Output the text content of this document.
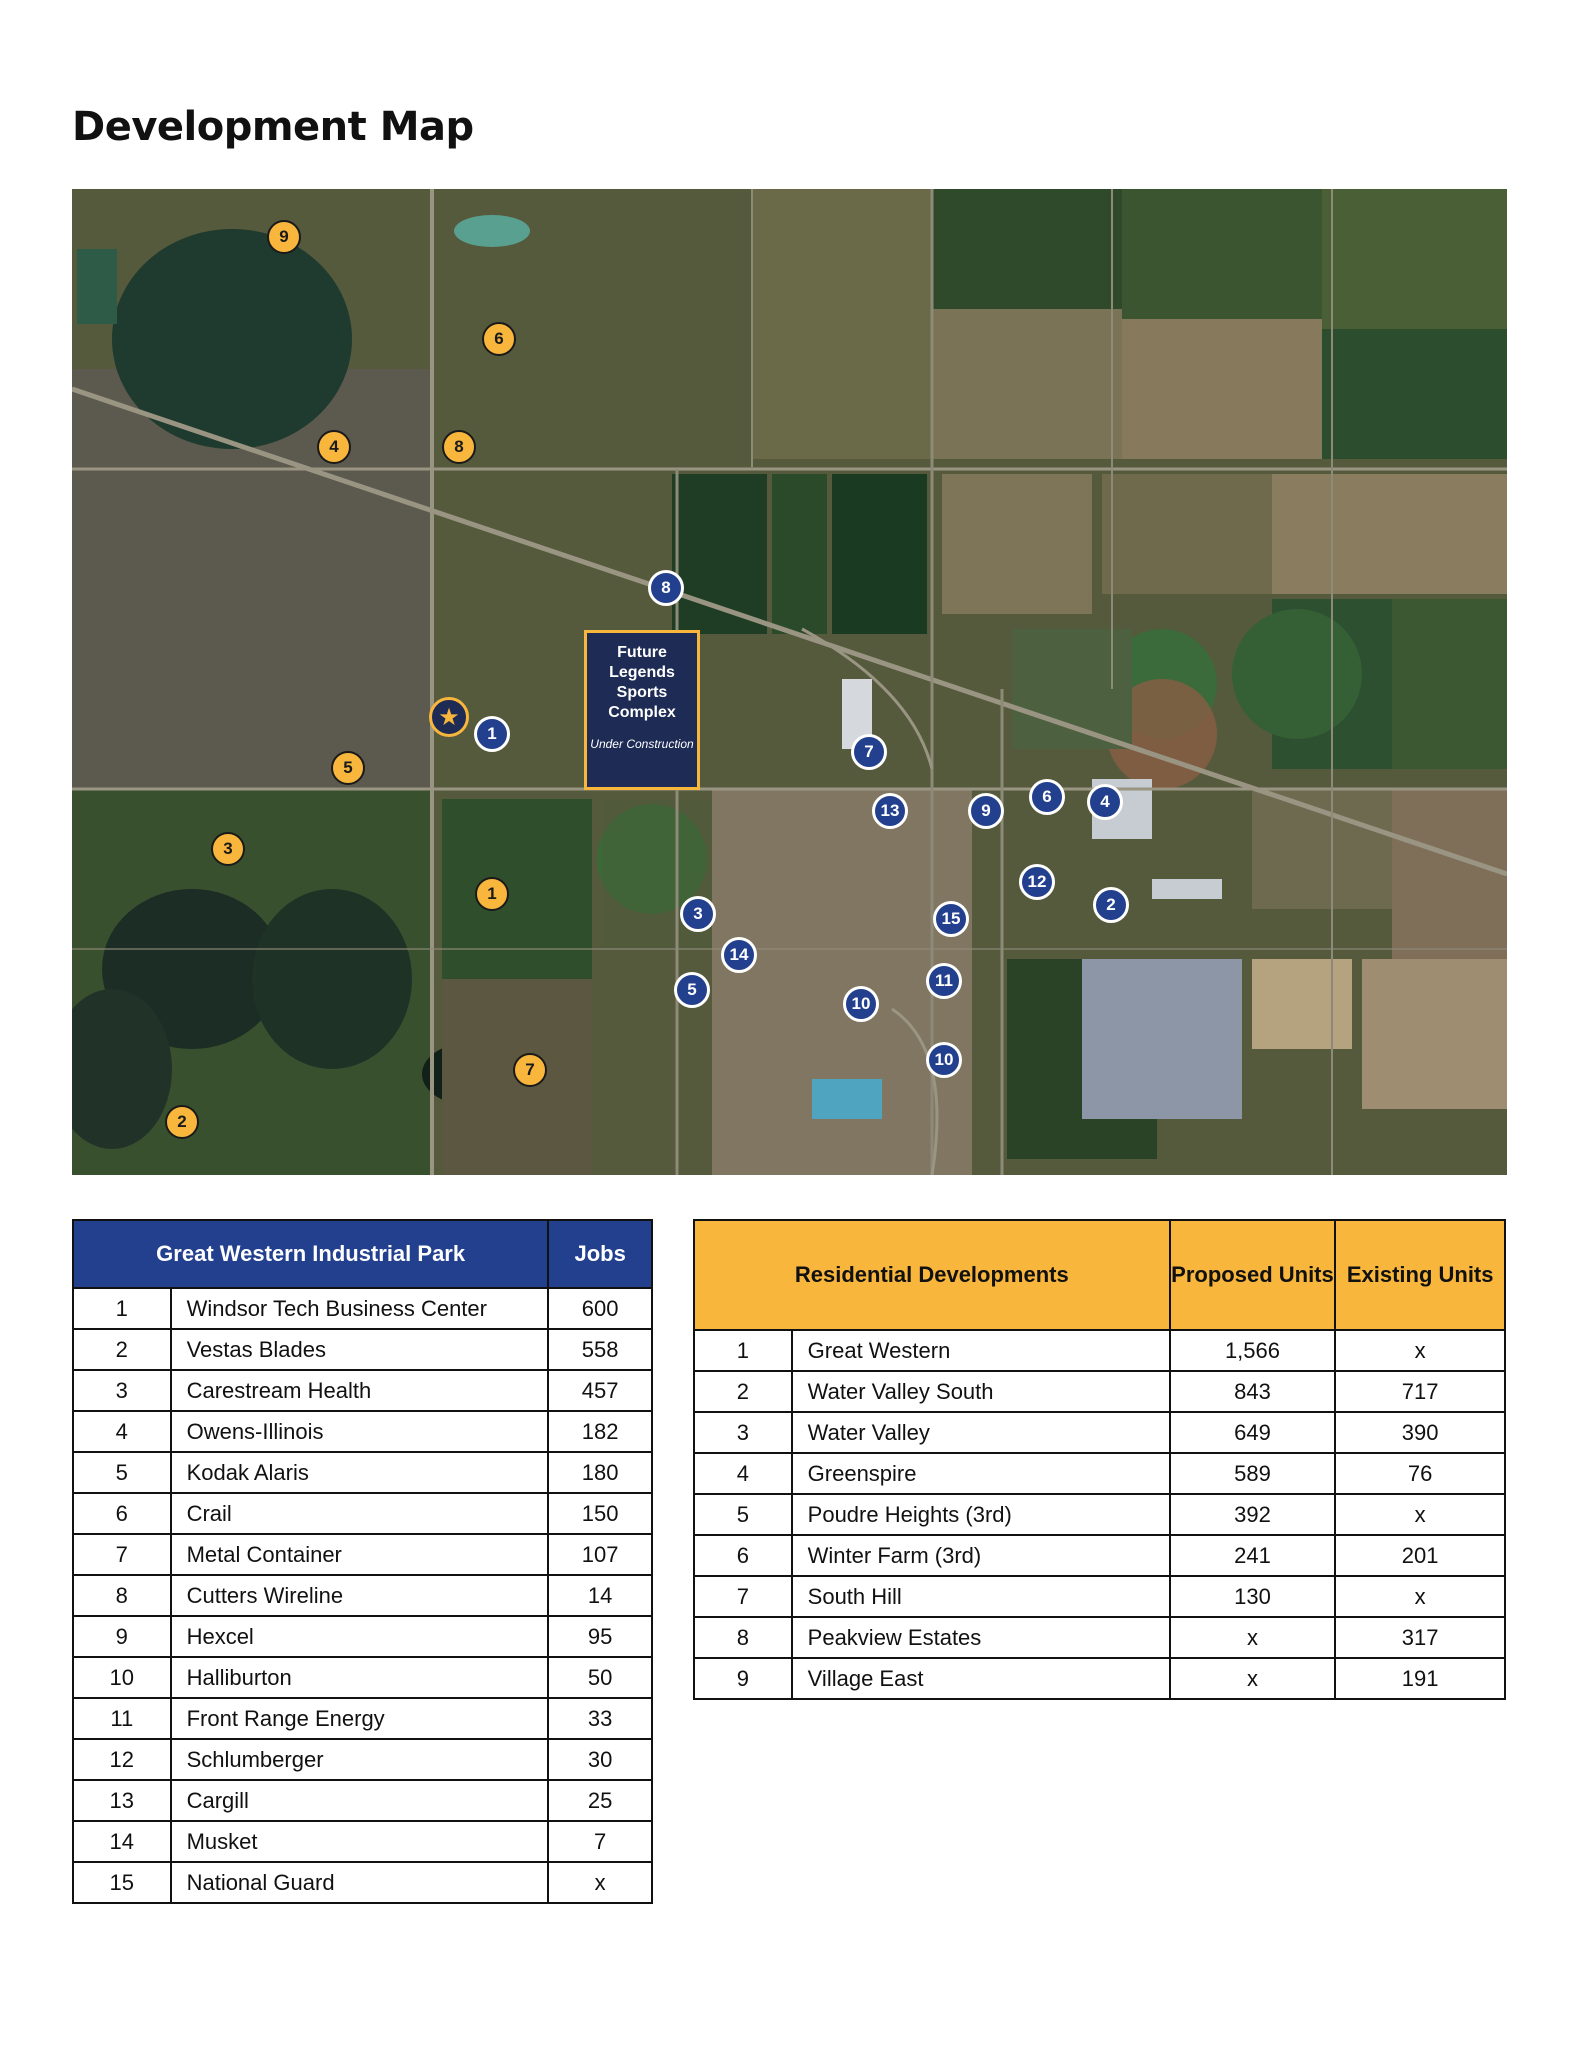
Development Map
9
6
4	8
5
3
1
7
2
★
1
8
7
13	9
6	4
12
2
3	15
14
5
10
11
10
Future Legends Sports Complex
Under Construction
Great Western Industrial Park		Jobs
1	Windsor Tech Business Center	600
2	Vestas Blades	558
3	Carestream Health	457
4	Owens-Illinois	182
5	Kodak Alaris	180
6	Crail	150
7	Metal Container	107
8	Cutters Wireline	14
9	Hexcel	95
10	Halliburton	50
11	Front Range Energy	33
12	Schlumberger	30
13	Cargill	25
14	Musket	7
15	National Guard	x
Residential Developments		Proposed Units	Existing Units
1	Great Western	1,566	x
2	Water Valley South	843	717
3	Water Valley	649	390
4	Greenspire	589	76
5	Poudre Heights (3rd)	392	x
6	Winter Farm (3rd)	241	201
7	South Hill	130	x
8	Peakview Estates	x	317
9	Village East	x	191
